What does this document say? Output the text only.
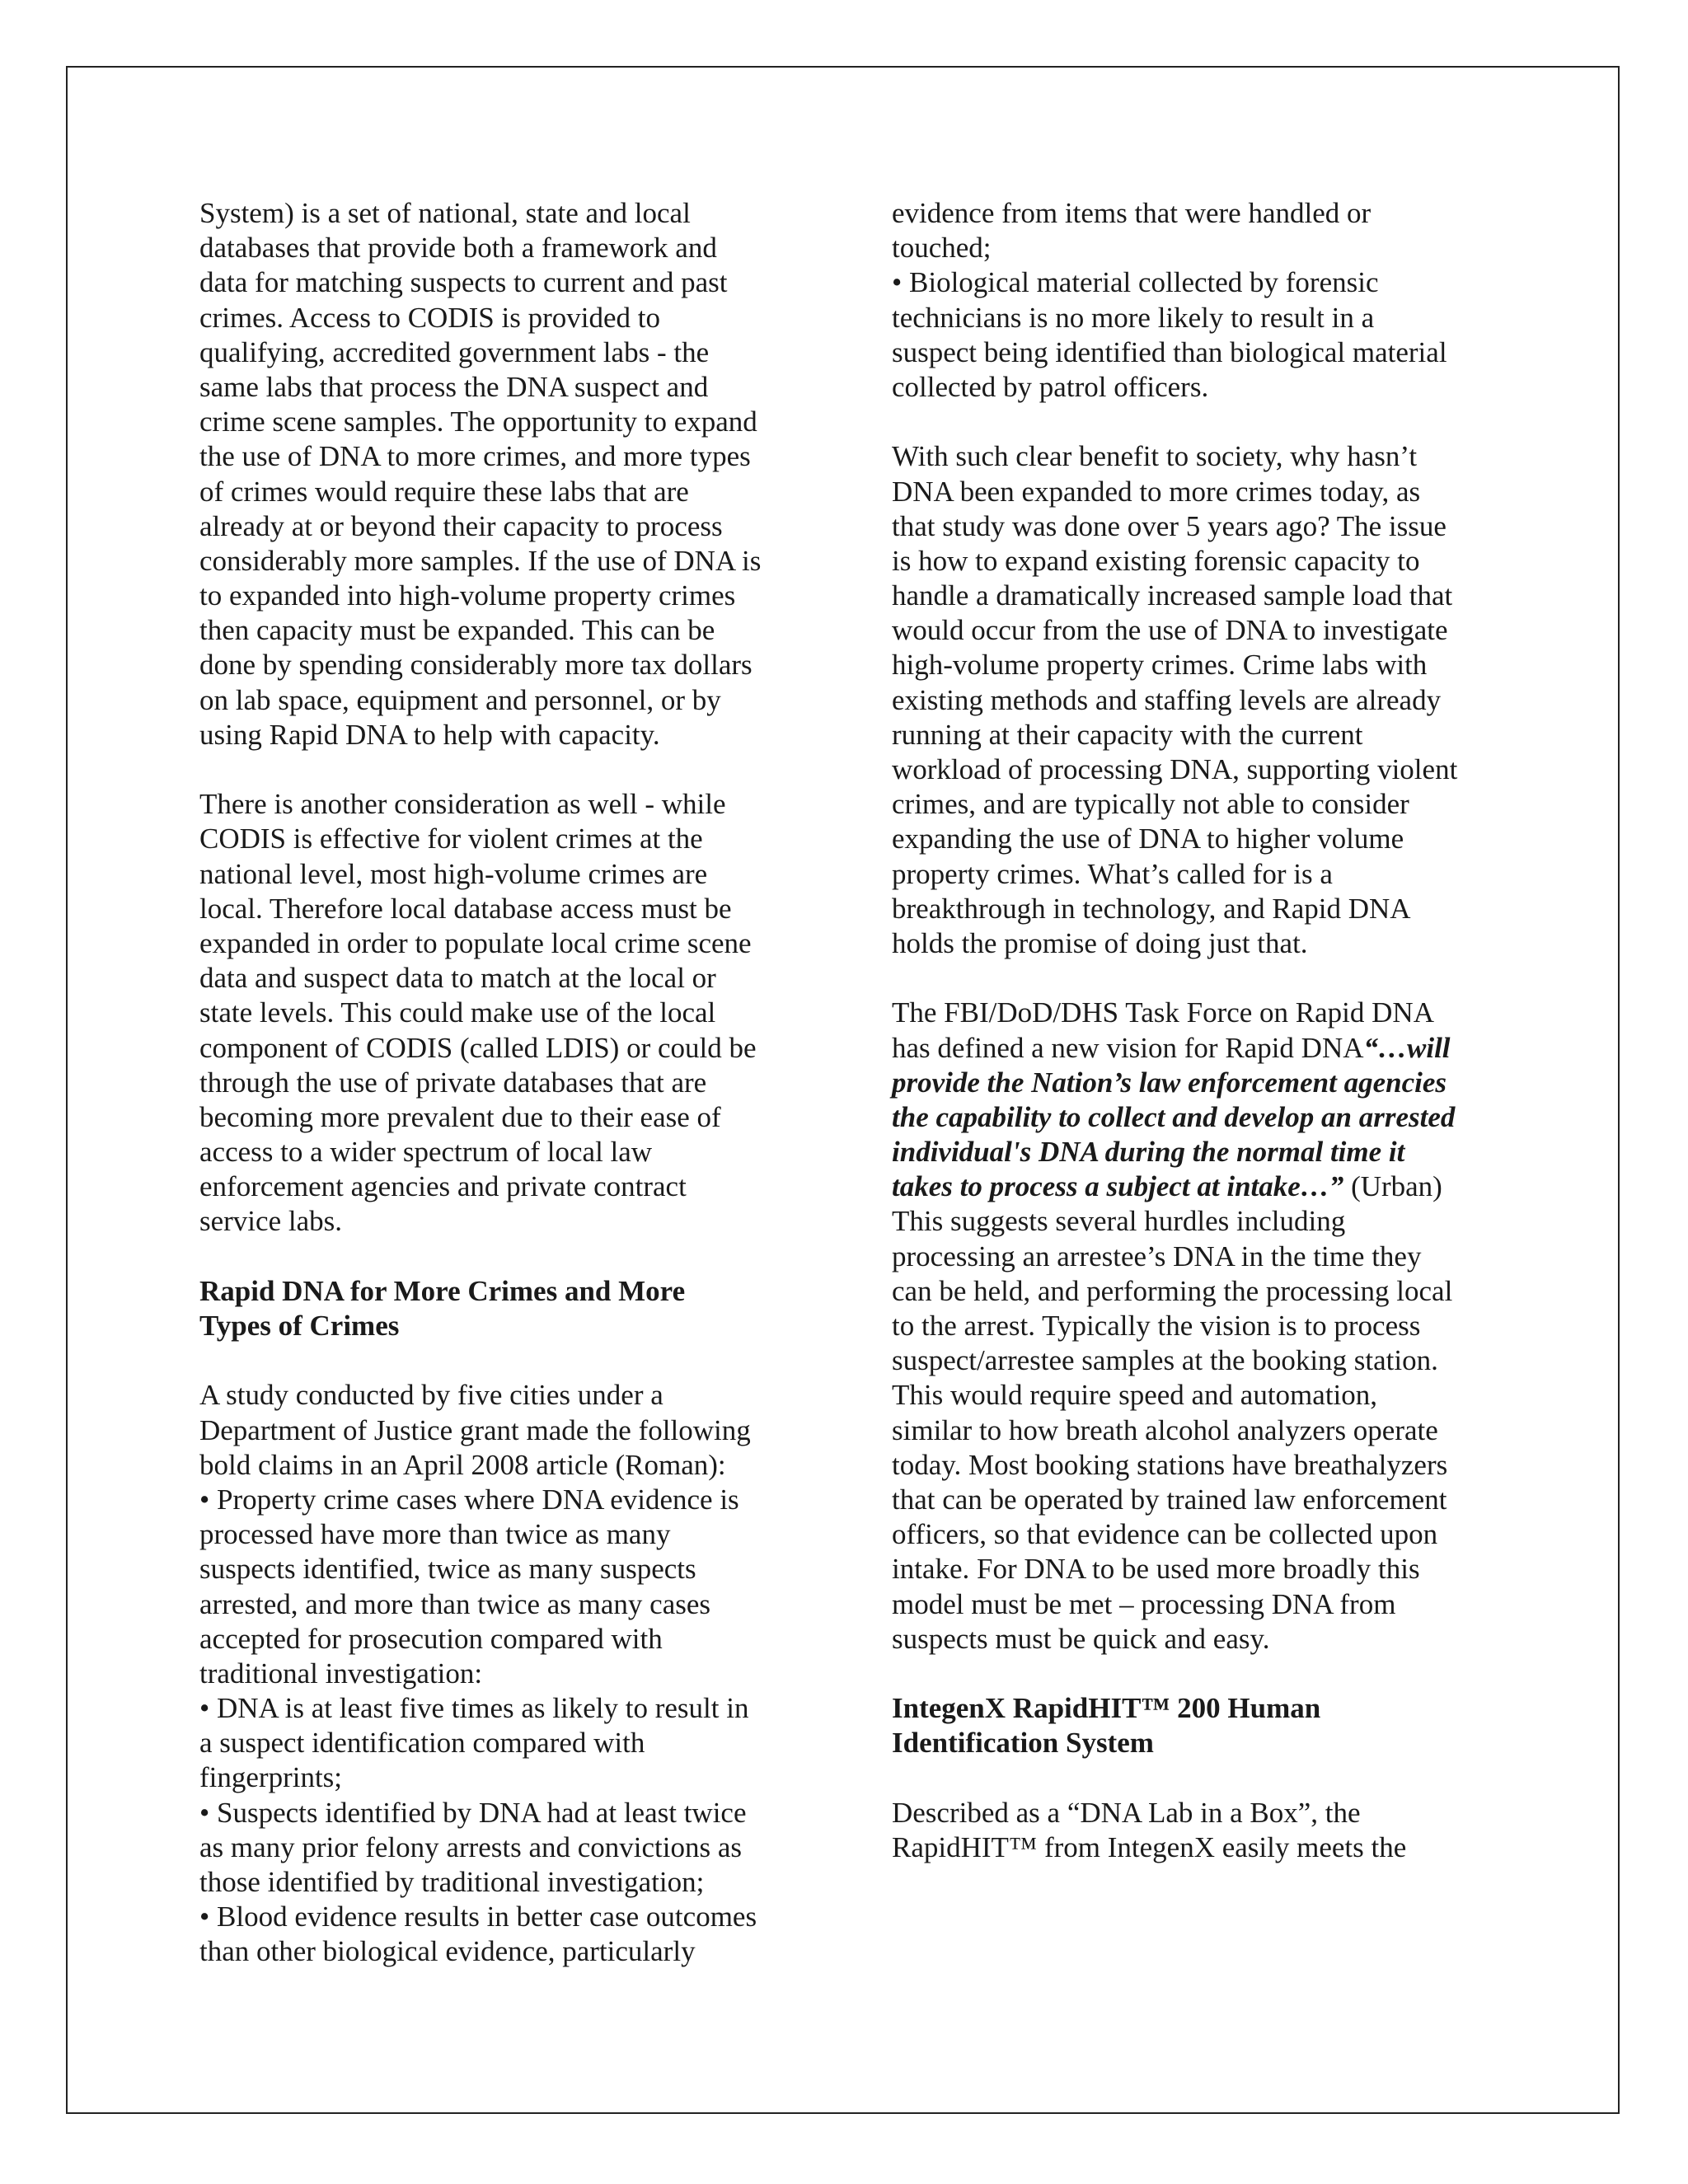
System) is a set of national, state and local
databases that provide both a framework and
data for matching suspects to current and past
crimes. Access to CODIS is provided to
qualifying, accredited government labs - the
same labs that process the DNA suspect and
crime scene samples. The opportunity to expand
the use of DNA to more crimes, and more types
of crimes would require these labs that are
already at or beyond their capacity to process
considerably more samples. If the use of DNA is
to expanded into high-volume property crimes
then capacity must be expanded. This can be
done by spending considerably more tax dollars
on lab space, equipment and personnel, or by
using Rapid DNA to help with capacity.
There is another consideration as well - while
CODIS is effective for violent crimes at the
national level, most high-volume crimes are
local. Therefore local database access must be
expanded in order to populate local crime scene
data and suspect data to match at the local or
state levels. This could make use of the local
component of CODIS (called LDIS) or could be
through the use of private databases that are
becoming more prevalent due to their ease of
access to a wider spectrum of local law
enforcement agencies and private contract
service labs.
Rapid DNA for More Crimes and More
Types of Crimes
A study conducted by five cities under a
Department of Justice grant made the following
bold claims in an April 2008 article (Roman):
• Property crime cases where DNA evidence is
processed have more than twice as many
suspects identified, twice as many suspects
arrested, and more than twice as many cases
accepted for prosecution compared with
traditional investigation:
• DNA is at least five times as likely to result in
a suspect identification compared with
fingerprints;
• Suspects identified by DNA had at least twice
as many prior felony arrests and convictions as
those identified by traditional investigation;
• Blood evidence results in better case outcomes
than other biological evidence, particularly
evidence from items that were handled or
touched;
• Biological material collected by forensic
technicians is no more likely to result in a
suspect being identified than biological material
collected by patrol officers.
With such clear benefit to society, why hasn’t
DNA been expanded to more crimes today, as
that study was done over 5 years ago? The issue
is how to expand existing forensic capacity to
handle a dramatically increased sample load that
would occur from the use of DNA to investigate
high-volume property crimes. Crime labs with
existing methods and staffing levels are already
running at their capacity with the current
workload of processing DNA, supporting violent
crimes, and are typically not able to consider
expanding the use of DNA to higher volume
property crimes. What’s called for is a
breakthrough in technology, and Rapid DNA
holds the promise of doing just that.
The FBI/DoD/DHS Task Force on Rapid DNA
has defined a new vision for Rapid DNA“…will
provide the Nation’s law enforcement agencies
the capability to collect and develop an arrested
individual's DNA during the normal time it
takes to process a subject at intake…” (Urban)
This suggests several hurdles including
processing an arrestee’s DNA in the time they
can be held, and performing the processing local
to the arrest. Typically the vision is to process
suspect/arrestee samples at the booking station.
This would require speed and automation,
similar to how breath alcohol analyzers operate
today. Most booking stations have breathalyzers
that can be operated by trained law enforcement
officers, so that evidence can be collected upon
intake. For DNA to be used more broadly this
model must be met – processing DNA from
suspects must be quick and easy.
IntegenX RapidHIT™ 200 Human
Identification System
Described as a “DNA Lab in a Box”, the
RapidHIT™ from IntegenX easily meets the
